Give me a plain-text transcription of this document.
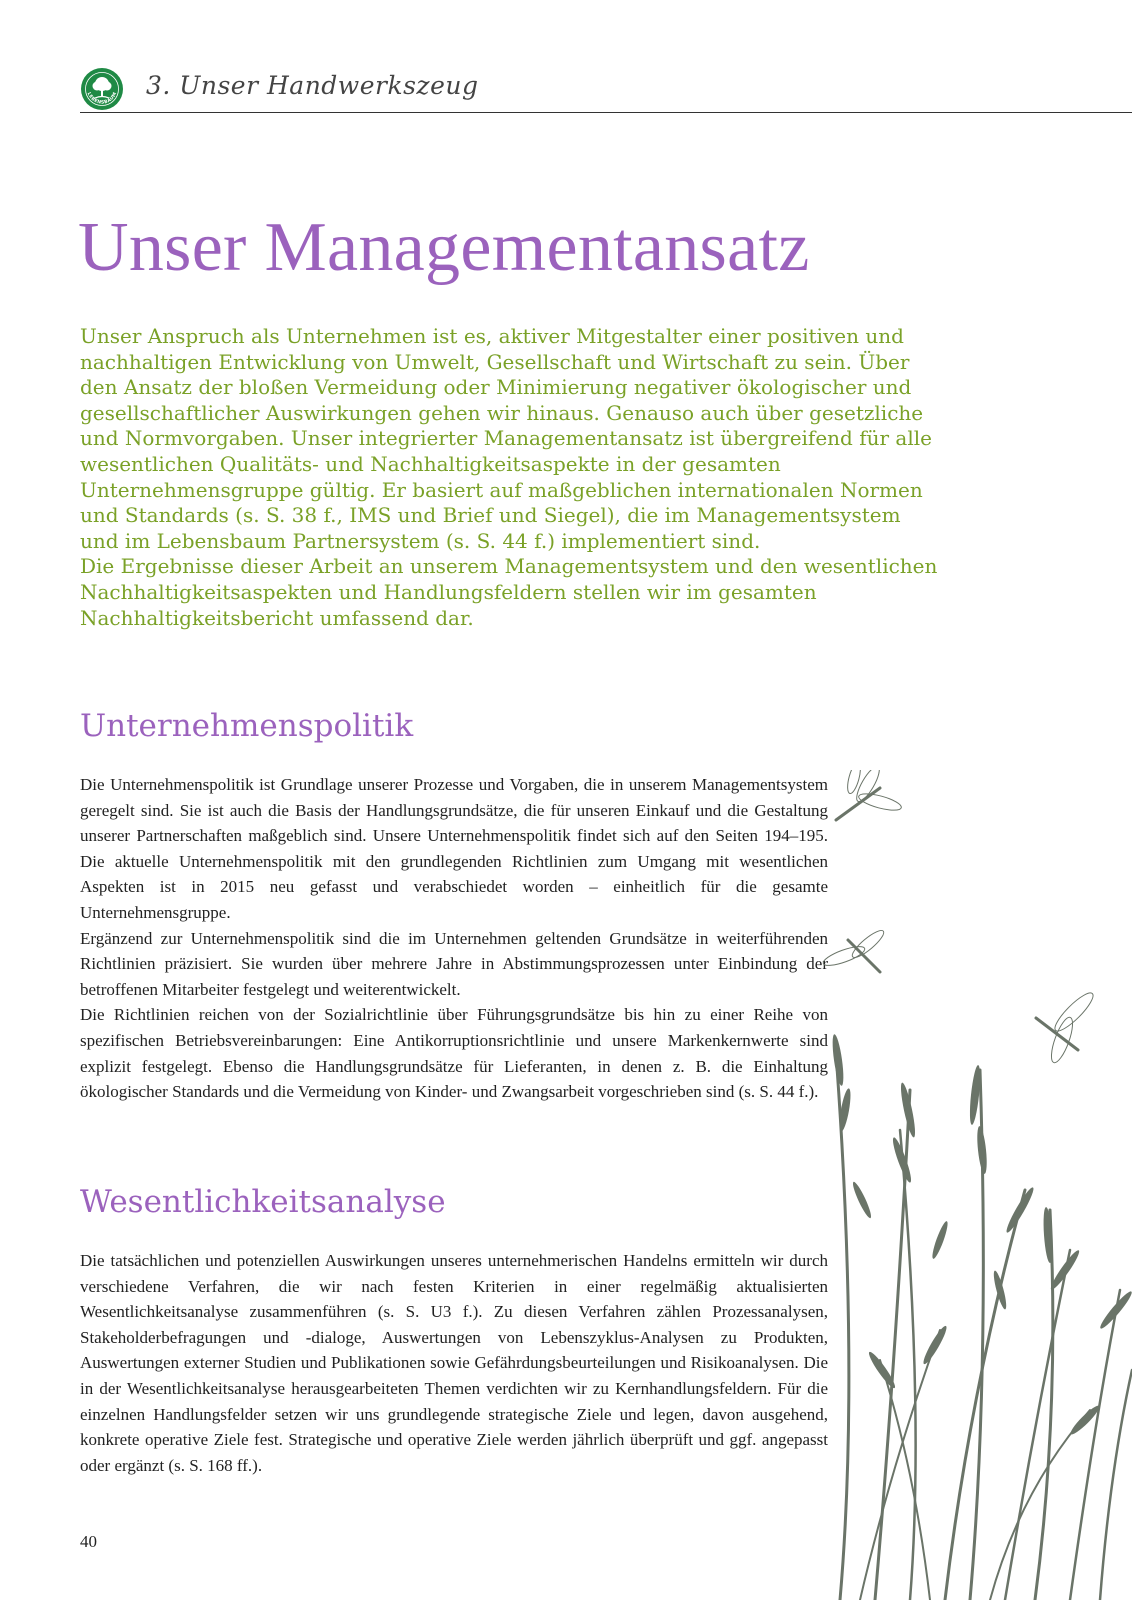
LEBENSBAUM 3. Unser Handwerkszeug
Unser Managementansatz

Unser Anspruch als Unternehmen ist es, aktiver Mitgestalter einer positiven und nachhaltigen Entwicklung von Umwelt, Gesellschaft und Wirtschaft zu sein. Über den Ansatz der bloßen Vermeidung oder Minimierung negativer ökologischer und gesellschaftlicher Auswirkungen gehen wir hinaus. Genauso auch über gesetzliche und Normvorgaben. Unser integrierter Managementansatz ist übergreifend für alle wesentlichen Qualitäts- und Nachhaltigkeitsaspekte in der gesamten Unternehmensgruppe gültig. Er basiert auf maßgeblichen internationalen Normen und Standards (s. S. 38 f., IMS und Brief und Siegel), die im Managementsystem und im Lebensbaum Partnersystem (s. S. 44 f.) implementiert sind.

Die Ergebnisse dieser Arbeit an unserem Managementsystem und den wesentlichen Nachhaltigkeitsaspekten und Handlungsfeldern stellen wir im gesamten Nachhaltigkeitsbericht umfassend dar.

Unternehmenspolitik

Die Unternehmenspolitik ist Grundlage unserer Prozesse und Vorgaben, die in unserem Managementsystem geregelt sind. Sie ist auch die Basis der Handlungsgrundsätze, die für unseren Einkauf und die Gestaltung unserer Partnerschaften maßgeblich sind. Unsere Unternehmenspolitik findet sich auf den Seiten 194–195. Die aktuelle Unternehmenspolitik mit den grundlegenden Richtlinien zum Umgang mit wesentlichen Aspekten ist in 2015 neu gefasst und verabschiedet worden – einheitlich für die gesamte Unternehmensgruppe.

Ergänzend zur Unternehmenspolitik sind die im Unternehmen geltenden Grundsätze in weiterführenden Richtlinien präzisiert. Sie wurden über mehrere Jahre in Abstimmungsprozessen unter Einbindung der betroffenen Mitarbeiter festgelegt und weiterentwickelt.

Die Richtlinien reichen von der Sozialrichtlinie über Führungsgrundsätze bis hin zu einer Reihe von spezifischen Betriebsvereinbarungen: Eine Antikorruptionsrichtlinie und unsere Markenkernwerte sind explizit festgelegt. Ebenso die Handlungsgrundsätze für Lieferanten, in denen z. B. die Einhaltung ökologischer Standards und die Vermeidung von Kinder- und Zwangsarbeit vorgeschrieben sind (s. S. 44 f.).

Wesentlichkeitsanalyse

Die tatsächlichen und potenziellen Auswirkungen unseres unternehmerischen Handelns ermitteln wir durch verschiedene Verfahren, die wir nach festen Kriterien in einer regelmäßig aktualisierten Wesentlichkeitsanalyse zusammenführen (s. S. U3 f.). Zu diesen Verfahren zählen Prozessanalysen, Stakeholderbefragungen und -dialoge, Auswertungen von Lebenszyklus-Analysen zu Produkten, Auswertungen externer Studien und Publikationen sowie Gefährdungsbeurteilungen und Risikoanalysen. Die in der Wesentlichkeitsanalyse herausgearbeiteten Themen verdichten wir zu Kernhandlungsfeldern. Für die einzelnen Handlungsfelder setzen wir uns grundlegende strategische Ziele und legen, davon ausgehend, konkrete operative Ziele fest. Strategische und operative Ziele werden jährlich überprüft und ggf. angepasst oder ergänzt (s. S. 168 ff.).

40
